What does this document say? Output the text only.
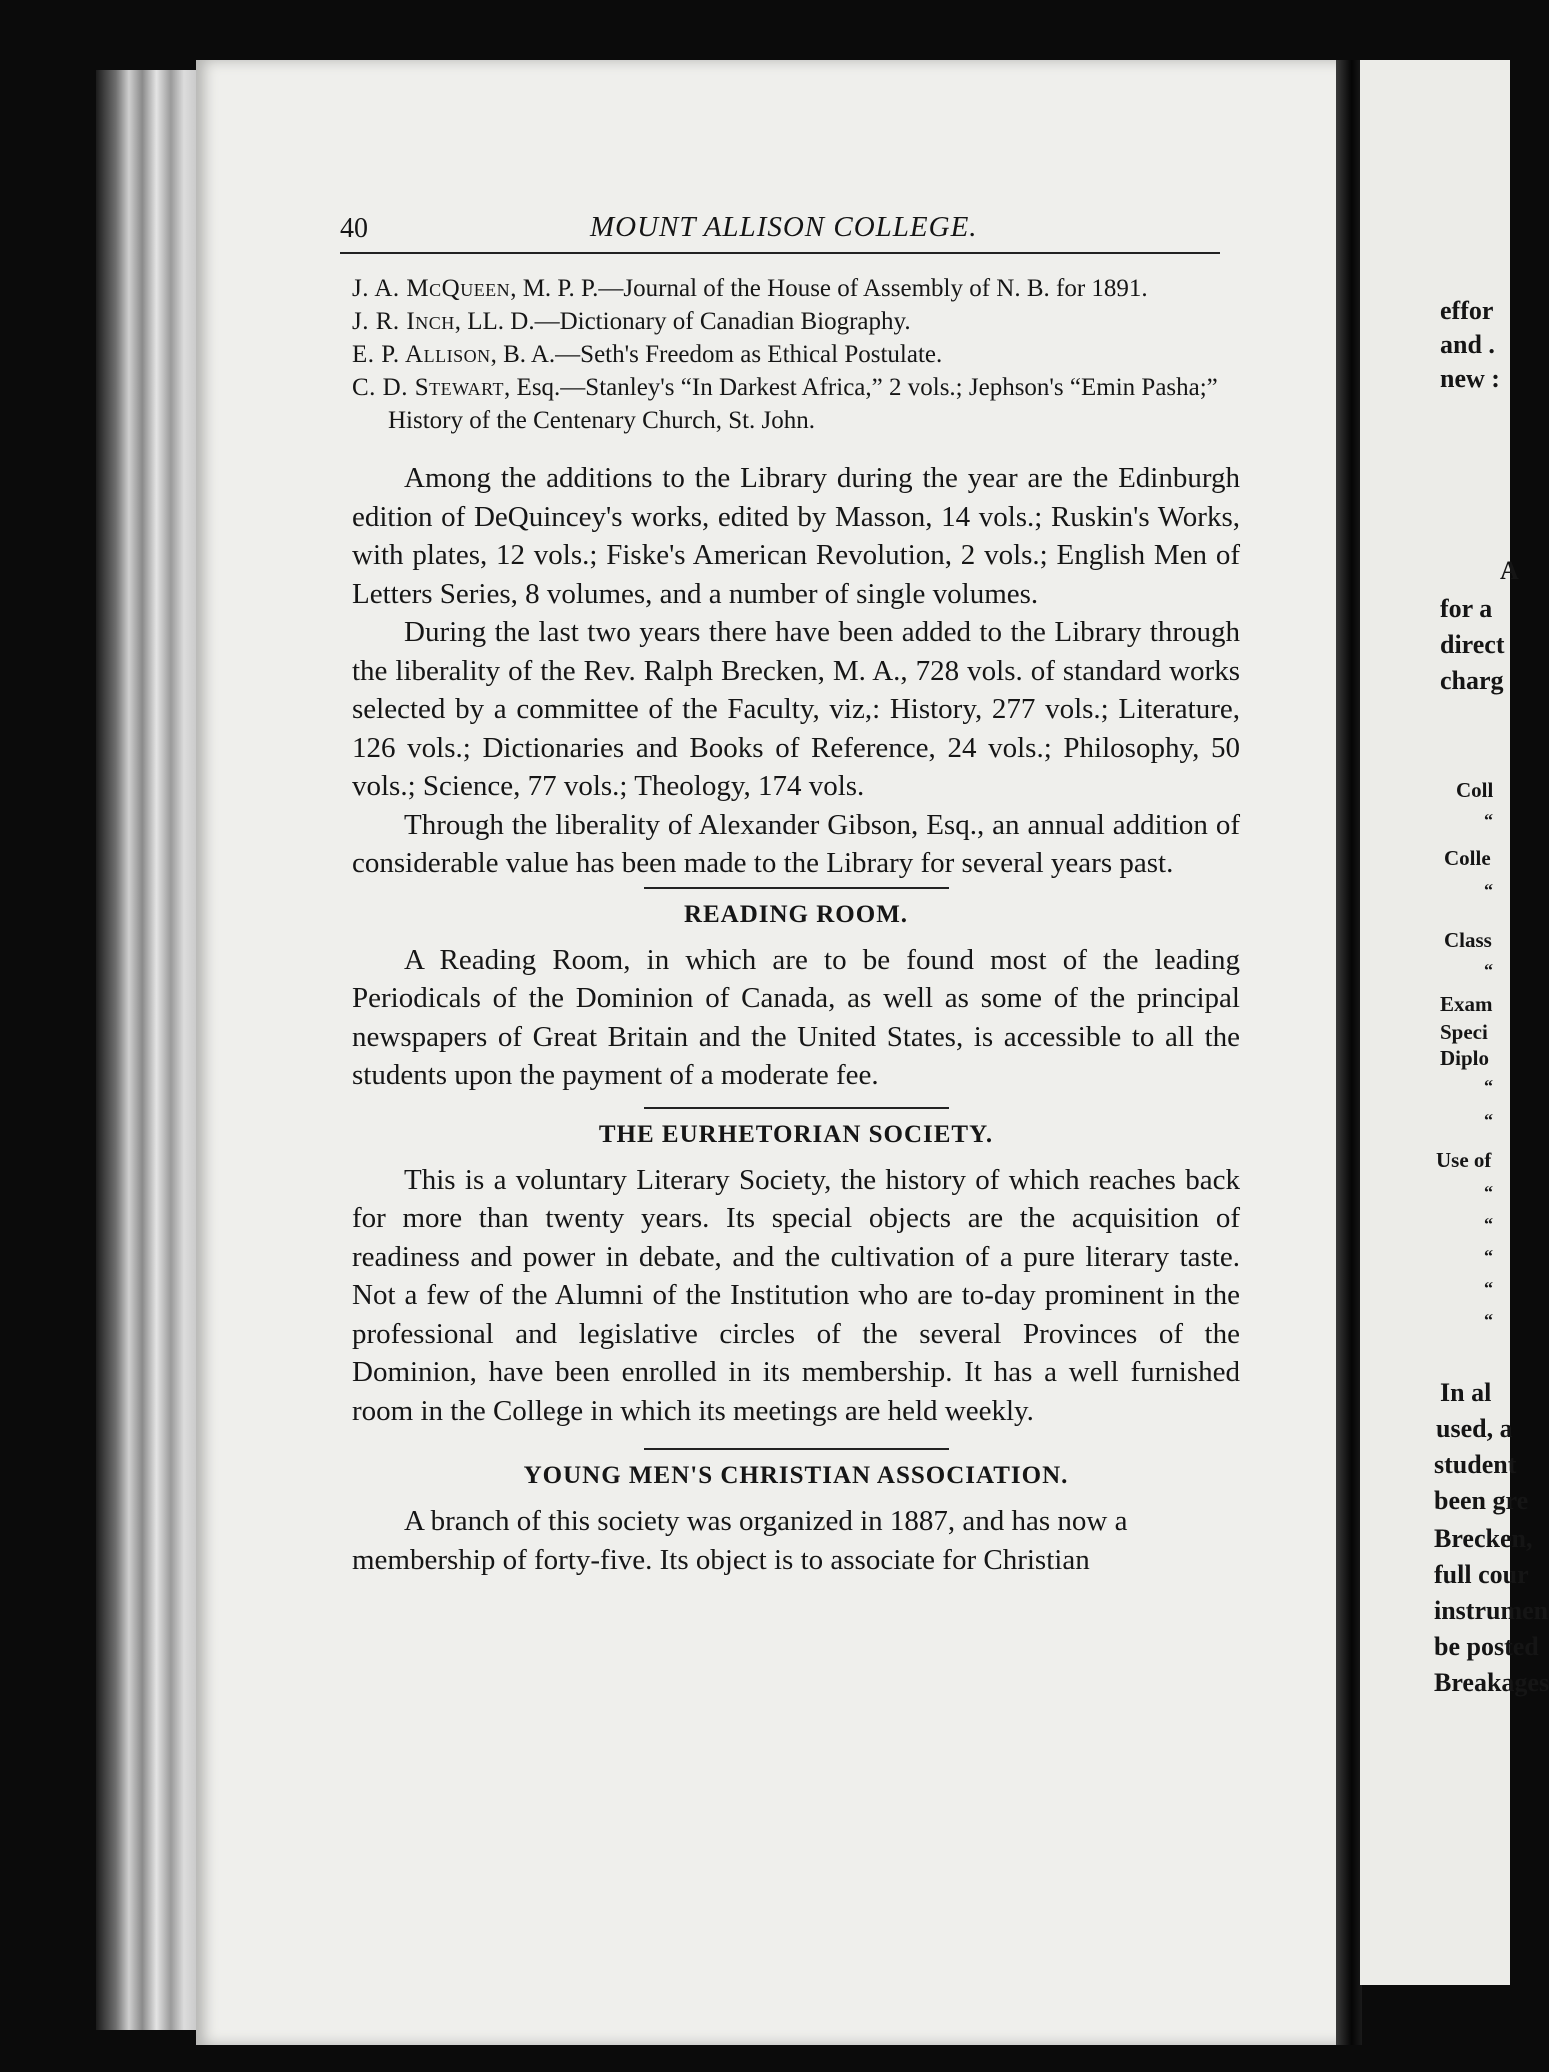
40	MOUNT ALLISON COLLEGE.

J. A. McQueen, M. P. P.—Journal of the House of Assembly of N. B. for 1891.

J. R. Inch, LL. D.—Dictionary of Canadian Biography.

E. P. Allison, B. A.—Seth's Freedom as Ethical Postulate.

C. D. Stewart, Esq.—Stanley's “In Darkest Africa,” 2 vols.; Jephson's “Emin Pasha;” History of the Centenary Church, St. John.

Among the additions to the Library during the year are the Edinburgh edition of DeQuincey's works, edited by Masson, 14 vols.; Ruskin's Works, with plates, 12 vols.; Fiske's American Revolution, 2 vols.; English Men of Letters Series, 8 volumes, and a number of single volumes.

During the last two years there have been added to the Library through the liberality of the Rev. Ralph Brecken, M. A., 728 vols. of standard works selected by a committee of the Faculty, viz,: History, 277 vols.; Literature, 126 vols.; Dictionaries and Books of Reference, 24 vols.; Philosophy, 50 vols.; Science, 77 vols.; Theology, 174 vols.

Through the liberality of Alexander Gibson, Esq., an annual addition of considerable value has been made to the Library for several years past.

READING ROOM.

A Reading Room, in which are to be found most of the leading Periodicals of the Dominion of Canada, as well as some of the principal newspapers of Great Britain and the United States, is accessible to all the students upon the payment of a moderate fee.

THE EURHETORIAN SOCIETY.

This is a voluntary Literary Society, the history of which reaches back for more than twenty years. Its special objects are the acquisition of readiness and power in debate, and the cultivation of a pure literary taste. Not a few of the Alumni of the Institution who are to-day prominent in the professional and legislative circles of the several Provinces of the Dominion, have been enrolled in its membership. It has a well furnished room in the College in which its meetings are held weekly.

YOUNG MEN'S CHRISTIAN ASSOCIATION.

A branch of this society was organized in 1887, and has now a membership of forty-five. Its object is to associate for Christian

effor
and .
new :
A
for a
direct
charg
Coll
“
Colle
“
Class
“
Exam
Speci
Diplo
“
“
Use of
“
“
“
“
“
In al
used, a
student
been gre
Brecken,
full cour
instrumen
be posted
Breakages
